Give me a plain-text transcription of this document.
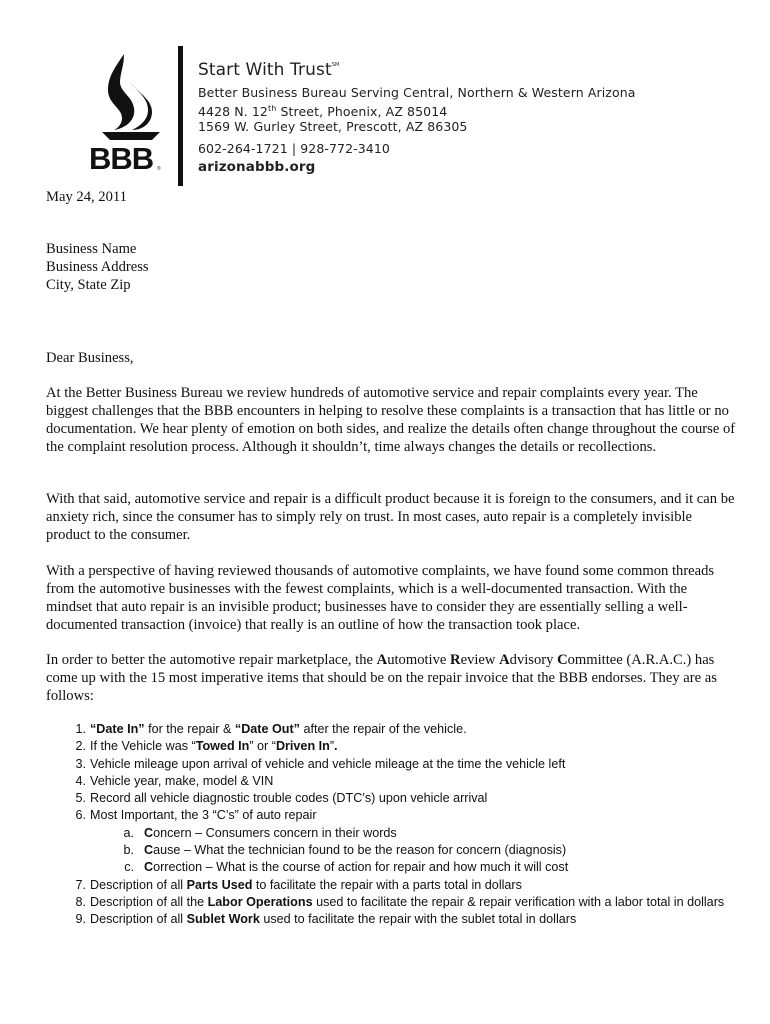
BBB ®
Start With Trust℠
Better Business Bureau Serving Central, Northern & Western Arizona
4428 N. 12th Street, Phoenix, AZ 85014
1569 W. Gurley Street, Prescott, AZ 86305
602-264-1721 | 928-772-3410
arizonabbb.org
May 24, 2011
Business Name
Business Address
City, State Zip
Dear Business,

At the Better Business Bureau we review hundreds of automotive service and repair complaints every year. The biggest challenges that the BBB encounters in helping to resolve these complaints is a transaction that has little or no documentation. We hear plenty of emotion on both sides, and realize the details often change throughout the course of the complaint resolution process. Although it shouldn’t, time always changes the details or recollections.

With that said, automotive service and repair is a difficult product because it is foreign to the consumers, and it can be anxiety rich, since the consumer has to simply rely on trust. In most cases, auto repair is a completely invisible product to the consumer.

With a perspective of having reviewed thousands of automotive complaints, we have found some common threads from the automotive businesses with the fewest complaints, which is a well-documented transaction. With the mindset that auto repair is an invisible product; businesses have to consider they are essentially selling a well-documented transaction (invoice) that really is an outline of how the transaction took place.

In order to better the automotive repair marketplace, the Automotive Review Advisory Committee (A.R.A.C.) has come up with the 15 most imperative items that should be on the repair invoice that the BBB endorses. They are as follows:

1. “Date In” for the repair & “Date Out” after the repair of the vehicle.
2. If the Vehicle was “Towed In” or “Driven In”.
3. Vehicle mileage upon arrival of vehicle and vehicle mileage at the time the vehicle left
4. Vehicle year, make, model & VIN
5. Record all vehicle diagnostic trouble codes (DTC’s) upon vehicle arrival
6. Most Important, the 3 “C’s” of auto repair
a. Concern – Consumers concern in their words
b. Cause – What the technician found to be the reason for concern (diagnosis)
c. Correction – What is the course of action for repair and how much it will cost
7. Description of all Parts Used to facilitate the repair with a parts total in dollars
8. Description of all the Labor Operations used to facilitate the repair & repair verification with a labor total in dollars
9. Description of all Sublet Work used to facilitate the repair with the sublet total in dollars
